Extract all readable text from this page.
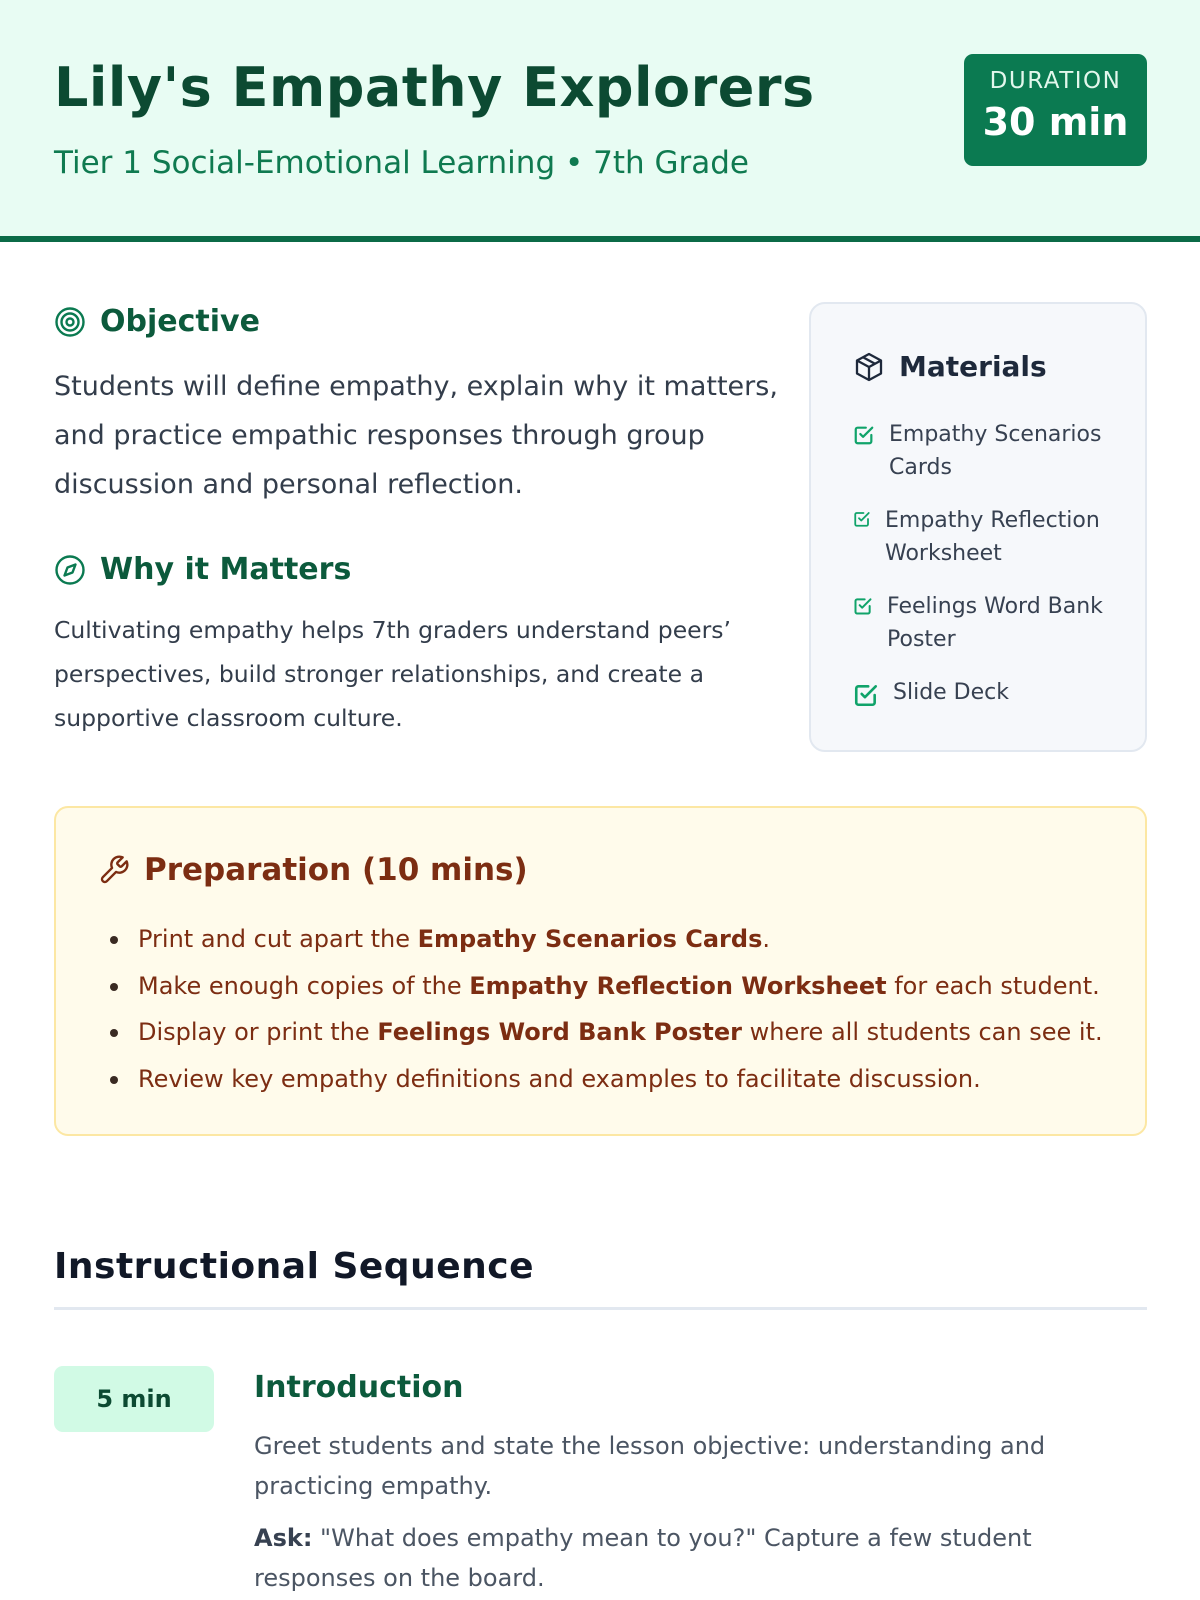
Lily's Empathy Explorers
Tier 1 Social-Emotional Learning • 7th Grade
DURATION
30 min
Objective

Students will define empathy, explain why it matters, and practice empathic responses through group discussion and personal reflection.

Why it Matters

Cultivating empathy helps 7th graders understand peers’ perspectives, build stronger relationships, and create a supportive classroom culture.

Materials
Empathy Scenarios Cards
Empathy Reflection Worksheet
Feelings Word Bank Poster
Slide Deck
Preparation (10 mins)
Print and cut apart the Empathy Scenarios Cards.
Make enough copies of the Empathy Reflection Worksheet for each student.
Display or print the Feelings Word Bank Poster where all students can see it.
Review key empathy definitions and examples to facilitate discussion.
Instructional Sequence
5 min	Introduction

Greet students and state the lesson objective: understanding and practicing empathy.

Ask: "What does empathy mean to you?" Capture a few student responses on the board.
